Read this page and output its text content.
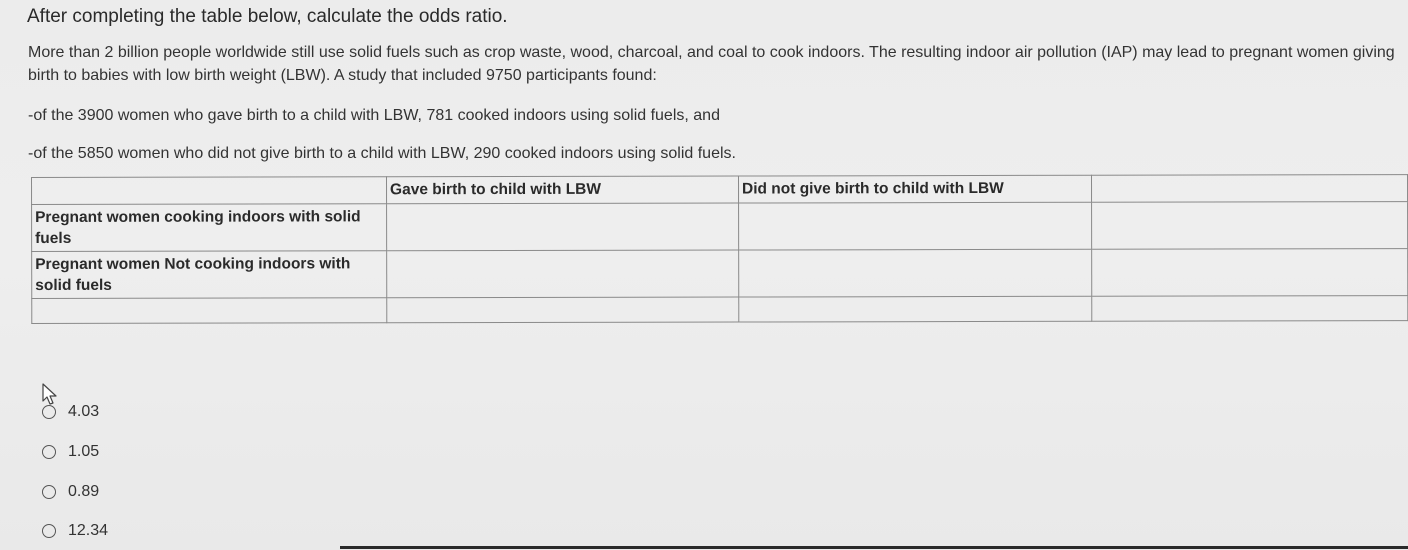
After completing the table below, calculate the odds ratio.
More than 2 billion people worldwide still use solid fuels such as crop waste, wood, charcoal, and coal to cook indoors. The resulting indoor air pollution (IAP) may lead to pregnant women giving birth to babies with low birth weight (LBW). A study that included 9750 participants found:
-of the 3900 women who gave birth to a child with LBW, 781 cooked indoors using solid fuels, and
-of the 5850 women who did not give birth to a child with LBW, 290 cooked indoors using solid fuels.
	Gave birth to child with LBW	Did not give birth to child with LBW	
Pregnant women cooking indoors with solid fuels			
Pregnant women Not cooking indoors with solid fuels			

4.03
1.05
0.89
12.34
